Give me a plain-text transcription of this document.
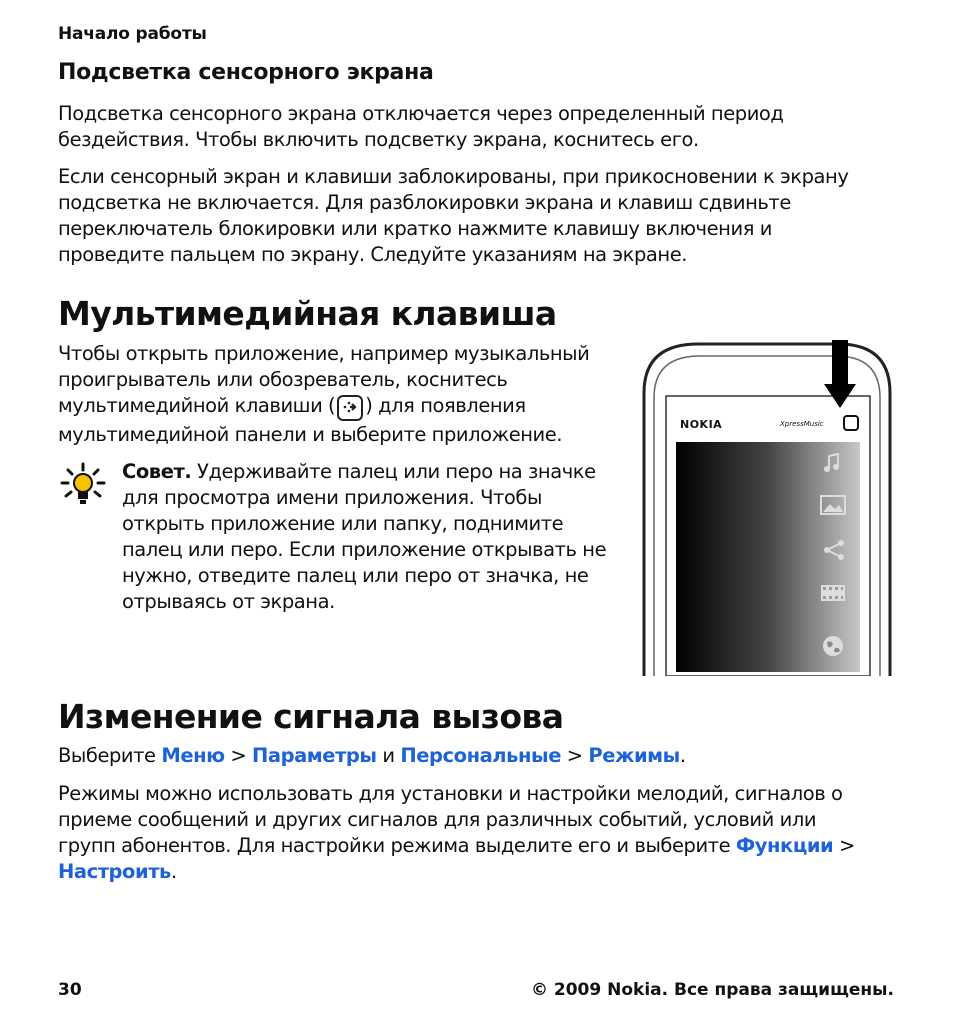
Начало работы
Подсветка сенсорного экрана
Подсветка сенсорного экрана отключается через определенный период
бездействия. Чтобы включить подсветку экрана, коснитесь его.
Если сенсорный экран и клавиши заблокированы, при прикосновении к экрану
подсветка не включается. Для разблокировки экрана и клавиш сдвиньте
переключатель блокировки или кратко нажмите клавишу включения и
проведите пальцем по экрану. Следуйте указаниям на экране.
Мультимедийная клавиша
Чтобы открыть приложение, например музыкальный
проигрыватель или обозреватель, коснитесь
мультимедийной клавиши ( ) для появления
мультимедийной панели и выберите приложение.
Совет. Удерживайте палец или перо на значке
для просмотра имени приложения. Чтобы
открыть приложение или папку, поднимите
палец или перо. Если приложение открывать не
нужно, отведите палец или перо от значка, не
отрываясь от экрана.
NOKIA	XpressMusic
Изменение сигнала вызова
Выберите Меню > Параметры и Персональные > Режимы.
Режимы можно использовать для установки и настройки мелодий, сигналов о
приеме сообщений и других сигналов для различных событий, условий или
групп абонентов. Для настройки режима выделите его и выберите Функции >
Настроить.
30	© 2009 Nokia. Все права защищены.
